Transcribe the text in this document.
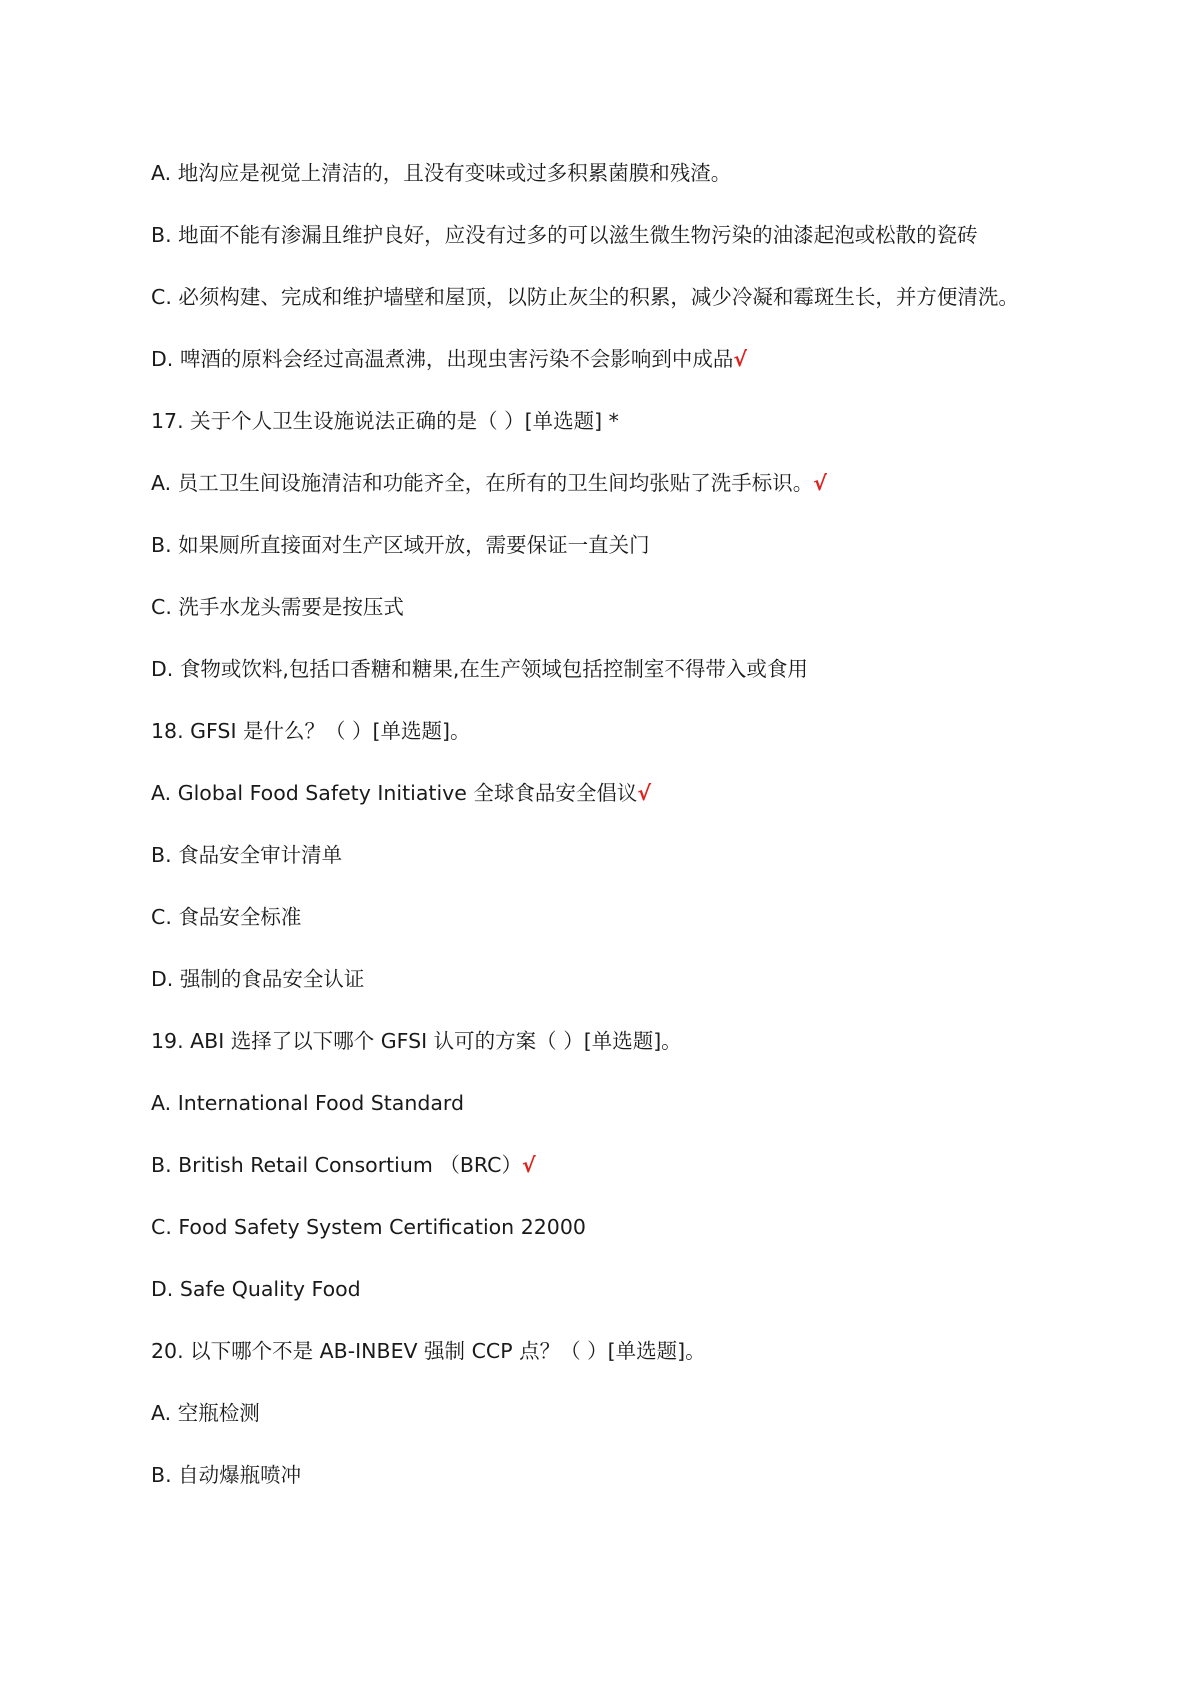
A. 地沟应是视觉上清洁的，且没有变味或过多积累菌膜和残渣。
B. 地面不能有渗漏且维护良好，应没有过多的可以滋生微生物污染的油漆起泡或松散的瓷砖
C. 必须构建、完成和维护墙壁和屋顶，以防止灰尘的积累，减少冷凝和霉斑生长，并方便清洗。
D. 啤酒的原料会经过高温煮沸，出现虫害污染不会影响到中成品√
17. 关于个人卫生设施说法正确的是（ ）[单选题] *
A. 员工卫生间设施清洁和功能齐全，在所有的卫生间均张贴了洗手标识。√
B. 如果厕所直接面对生产区域开放，需要保证一直关门
C. 洗手水龙头需要是按压式
D. 食物或饮料,包括口香糖和糖果,在生产领域包括控制室不得带入或食用
18. GFSI 是什么？（ ）[单选题]。
A. Global Food Safety Initiative 全球食品安全倡议√
B. 食品安全审计清单
C. 食品安全标准
D. 强制的食品安全认证
19. ABI 选择了以下哪个 GFSI 认可的方案（ ）[单选题]。
A. International Food Standard
B. British Retail Consortium （BRC）√
C. Food Safety System Certification 22000
D. Safe Quality Food
20. 以下哪个不是 AB-INBEV 强制 CCP 点？（ ）[单选题]。
A. 空瓶检测
B. 自动爆瓶喷冲
